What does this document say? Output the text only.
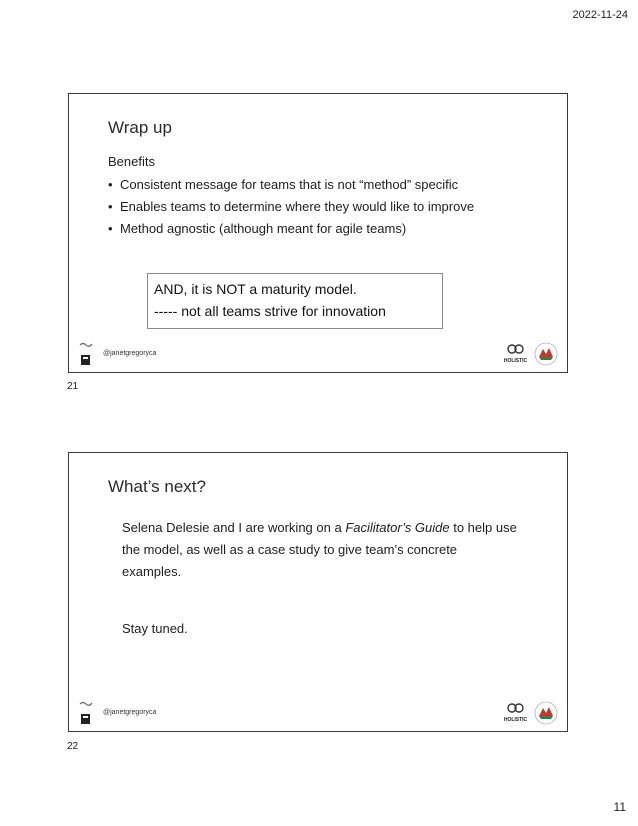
2022-11-24
Wrap up
Benefits
• Consistent message for teams that is not “method” specific
• Enables teams to determine where they would like to improve
• Method agnostic (although meant for agile teams)
AND, it is NOT a maturity model.
----- not all teams strive for innovation
@janetgregoryca
HOLISTIC
21
What’s next?
Selena Delesie and I are working on a Facilitator’s Guide to help use the model, as well as a case study to give team’s concrete examples.
Stay tuned.
@janetgregoryca
HOLISTIC
22
11
